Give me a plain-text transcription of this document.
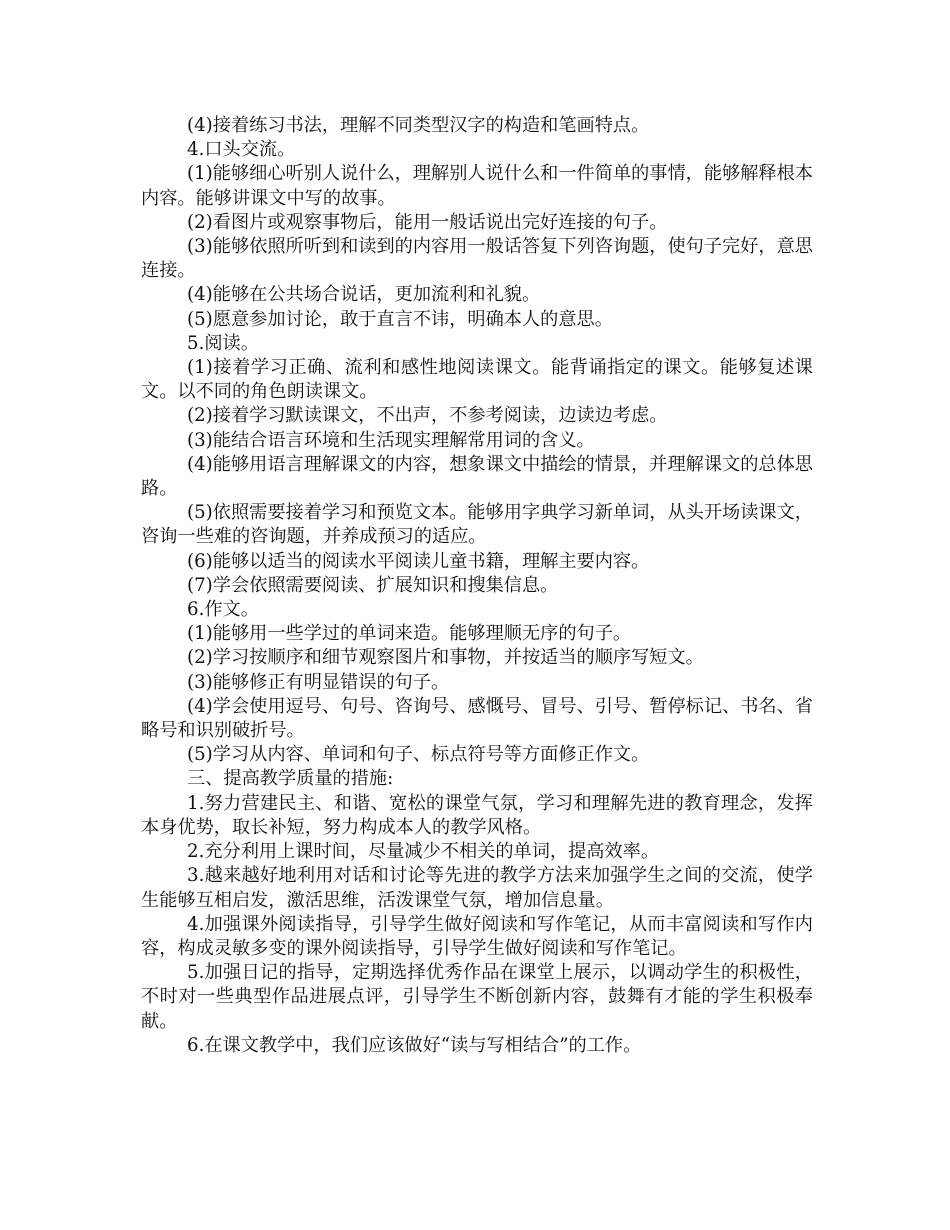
(4)接着练习书法，理解不同类型汉字的构造和笔画特点。

4.口头交流。

(1)能够细心听别人说什么，理解别人说什么和一件简单的事情，能够解释根本内容。能够讲课文中写的故事。

(2)看图片或观察事物后，能用一般话说出完好连接的句子。

(3)能够依照所听到和读到的内容用一般话答复下列咨询题，使句子完好，意思连接。

(4)能够在公共场合说话，更加流利和礼貌。

(5)愿意参加讨论，敢于直言不讳，明确本人的意思。

5.阅读。

(1)接着学习正确、流利和感性地阅读课文。能背诵指定的课文。能够复述课文。以不同的角色朗读课文。

(2)接着学习默读课文，不出声，不参考阅读，边读边考虑。

(3)能结合语言环境和生活现实理解常用词的含义。

(4)能够用语言理解课文的内容，想象课文中描绘的情景，并理解课文的总体思路。

(5)依照需要接着学习和预览文本。能够用字典学习新单词，从头开场读课文，咨询一些难的咨询题，并养成预习的适应。

(6)能够以适当的阅读水平阅读儿童书籍，理解主要内容。

(7)学会依照需要阅读、扩展知识和搜集信息。

6.作文。

(1)能够用一些学过的单词来造。能够理顺无序的句子。

(2)学习按顺序和细节观察图片和事物，并按适当的顺序写短文。

(3)能够修正有明显错误的句子。

(4)学会使用逗号、句号、咨询号、感慨号、冒号、引号、暂停标记、书名、省略号和识别破折号。

(5)学习从内容、单词和句子、标点符号等方面修正作文。

三、提高教学质量的措施:

1.努力营建民主、和谐、宽松的课堂气氛，学习和理解先进的教育理念，发挥本身优势，取长补短，努力构成本人的教学风格。

2.充分利用上课时间，尽量减少不相关的单词，提高效率。

3.越来越好地利用对话和讨论等先进的教学方法来加强学生之间的交流，使学生能够互相启发，激活思维，活泼课堂气氛，增加信息量。

4.加强课外阅读指导，引导学生做好阅读和写作笔记，从而丰富阅读和写作内容，构成灵敏多变的课外阅读指导，引导学生做好阅读和写作笔记。

5.加强日记的指导，定期选择优秀作品在课堂上展示，以调动学生的积极性，不时对一些典型作品进展点评，引导学生不断创新内容，鼓舞有才能的学生积极奉献。

6.在课文教学中，我们应该做好“读与写相结合”的工作。
